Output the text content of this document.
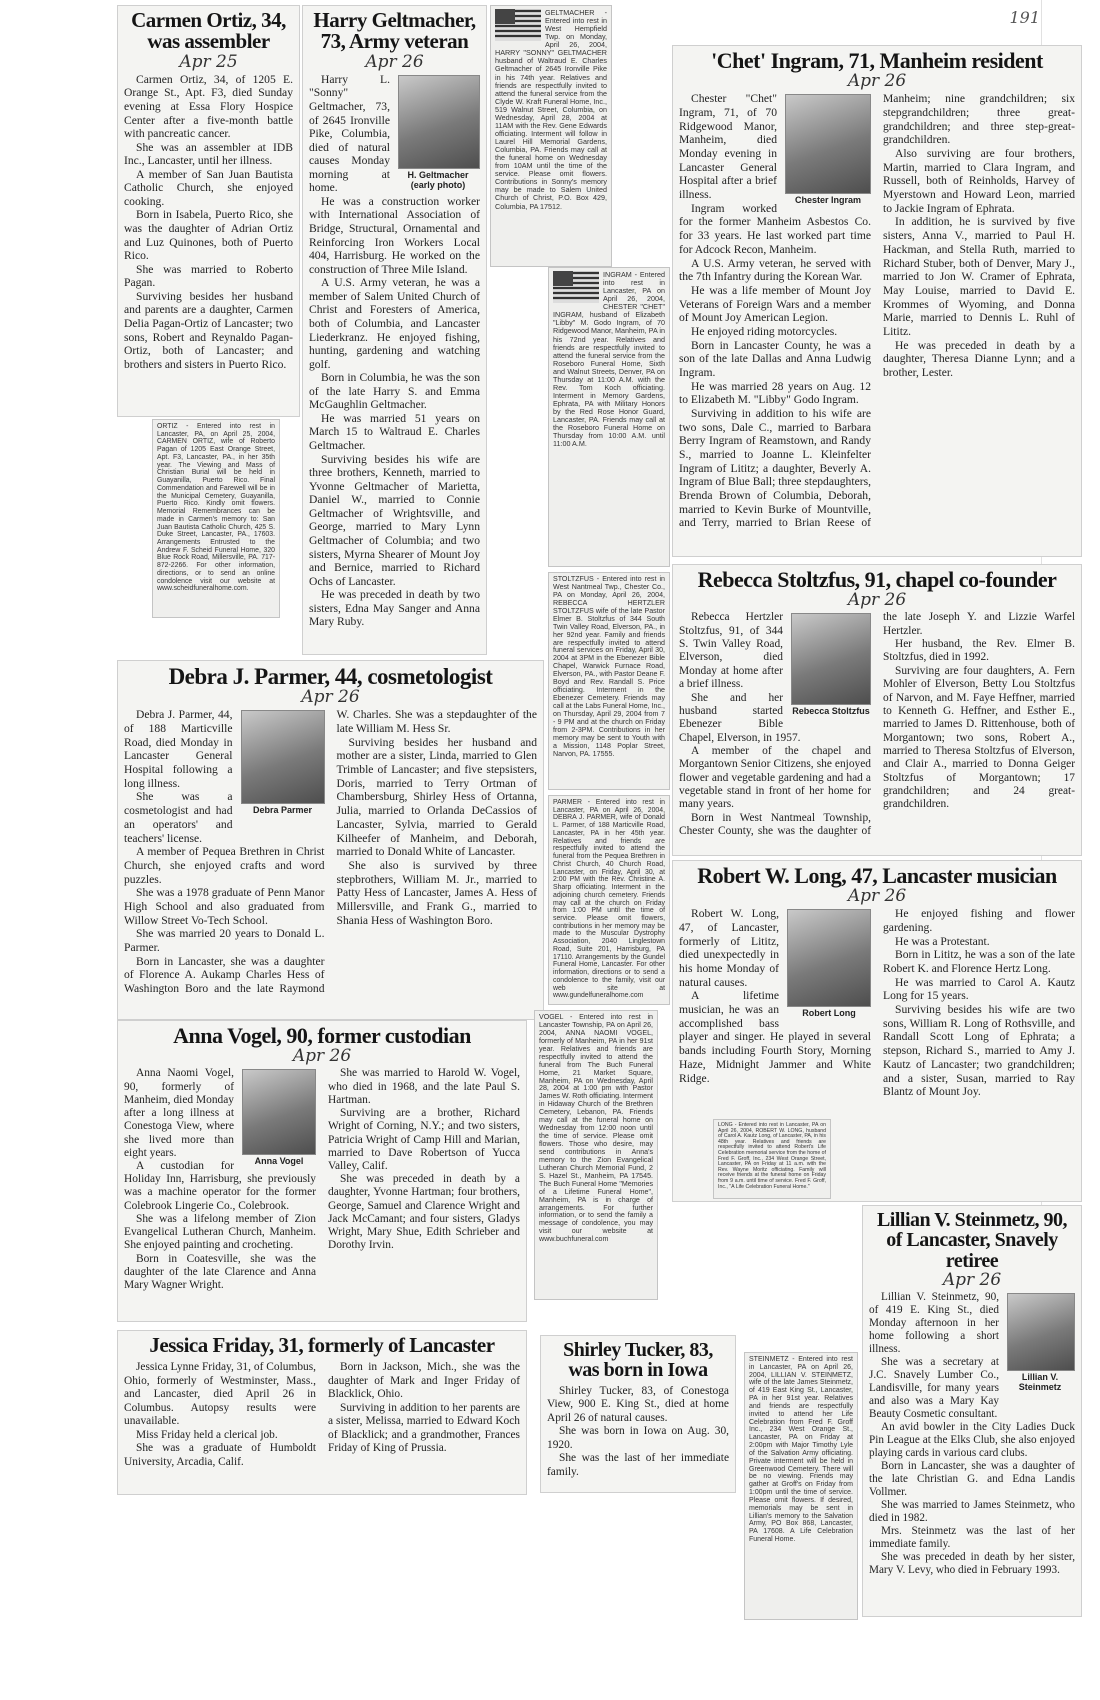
191
Carmen Ortiz, 34, was assembler
Apr 25

Carmen Ortiz, 34, of 1205 E. Orange St., Apt. F3, died Sunday evening at Essa Flory Hospice Center after a five-month battle with pancreatic cancer.

She was an assembler at IDB Inc., Lancaster, until her illness.

A member of San Juan Bautista Catholic Church, she enjoyed cooking.

Born in Isabela, Puerto Rico, she was the daughter of Adrian Ortiz and Luz Quinones, both of Puerto Rico.

She was married to Roberto Pagan.

Surviving besides her husband and parents are a daughter, Carmen Delia Pagan-Ortiz of Lancaster; two sons, Robert and Reynaldo Pagan-Ortiz, both of Lancaster; and brothers and sisters in Puerto Rico.

ORTIZ - Entered into rest in Lancaster, PA, on April 25, 2004, CARMEN ORTIZ, wife of Roberto Pagan of 1205 East Orange Street, Apt. F3, Lancaster, PA., in her 35th year. The Viewing and Mass of Christian Burial will be held in Guayanilla, Puerto Rico. Final Commendation and Farewell will be in the Municipal Cemetery, Guayanilla, Puerto Rico. Kindly omit flowers. Memorial Remembrances can be made in Carmen's memory to: San Juan Bautista Catholic Church, 425 S. Duke Street, Lancaster, PA., 17603. Arrangements Entrusted to the Andrew F. Scheid Funeral Home, 320 Blue Rock Road, Millersville, PA. 717-872-2266. For other information, directions, or to send an online condolence visit our website at www.scheidfuneralhome.com.

Harry Geltmacher, 73, Army veteran
Apr 26
H. Geltmacher (early photo)

Harry L. "Sonny" Geltmacher, 73, of 2645 Ironville Pike, Columbia, died of natural causes Monday morning at home.

He was a construction worker with International Association of Bridge, Structural, Ornamental and Reinforcing Iron Workers Local 404, Harrisburg. He worked on the construction of Three Mile Island.

A U.S. Army veteran, he was a member of Salem United Church of Christ and Foresters of America, both of Columbia, and Lancaster Liederkranz. He enjoyed fishing, hunting, gardening and watching golf.

Born in Columbia, he was the son of the late Harry S. and Emma McGaughlin Geltmacher.

He was married 51 years on March 15 to Waltraud E. Charles Geltmacher.

Surviving besides his wife are three brothers, Kenneth, married to Yvonne Geltmacher of Marietta, Daniel W., married to Connie Geltmacher of Wrightsville, and George, married to Mary Lynn Geltmacher of Columbia; and two sisters, Myrna Shearer of Mount Joy and Bernice, married to Richard Ochs of Lancaster.

He was preceded in death by two sisters, Edna May Sanger and Anna Mary Ruby.

GELTMACHER - Entered into rest in West Hempfield Twp. on Monday, April 26, 2004, HARRY "SONNY" GELTMACHER husband of Waltraud E. Charles Geltmacher of 2645 Ironville Pike in his 74th year. Relatives and friends are respectfully invited to attend the funeral service from the Clyde W. Kraft Funeral Home, Inc., 519 Walnut Street, Columbia, on Wednesday, April 28, 2004 at 11AM with the Rev. Gene Edwards officiating. Interment will follow in Laurel Hill Memorial Gardens, Columbia, PA. Friends may call at the funeral home on Wednesday from 10AM until the time of the service. Please omit flowers. Contributions in Sonny's memory may be made to Salem United Church of Christ, P.O. Box 429, Columbia, PA 17512.

INGRAM - Entered into rest in Lancaster, PA on April 26, 2004, CHESTER "CHET" INGRAM, husband of Elizabeth "Libby" M. Godo Ingram, of 70 Ridgewood Manor, Manheim, PA in his 72nd year. Relatives and friends are respectfully invited to attend the funeral service from the Roseboro Funeral Home, Sixth and Walnut Streets, Denver, PA on Thursday at 11:00 A.M. with the Rev. Tom Koch officiating. Interment in Memory Gardens, Ephrata, PA with Military Honors by the Red Rose Honor Guard, Lancaster, PA. Friends may call at the Roseboro Funeral Home on Thursday from 10:00 A.M. until 11:00 A.M.

'Chet' Ingram, 71, Manheim resident
Apr 26
Chester Ingram

Chester "Chet" Ingram, 71, of 70 Ridgewood Manor, Manheim, died Monday evening in Lancaster General Hospital after a brief illness.

Ingram worked for the former Manheim Asbestos Co. for 33 years. He last worked part time for Adcock Recon, Manheim.

A U.S. Army veteran, he served with the 7th Infantry during the Korean War.

He was a life member of Mount Joy Veterans of Foreign Wars and a member of Mount Joy American Legion.

He enjoyed riding motorcycles.

Born in Lancaster County, he was a son of the late Dallas and Anna Ludwig Ingram.

He was married 28 years on Aug. 12 to Elizabeth M. "Libby" Godo Ingram.

Surviving in addition to his wife are two sons, Dale C., married to Barbara Berry Ingram of Reamstown, and Randy S., married to Joanne L. Kleinfelter Ingram of Lititz; a daughter, Beverly A. Ingram of Blue Ball; three stepdaughters, Brenda Brown of Columbia, Deborah, married to Kevin Burke of Mountville, and Terry, married to Brian Reese of Manheim; nine grandchildren; six stepgrandchildren; three great-grandchildren; and three step-great-grandchildren.

Also surviving are four brothers, Martin, married to Clara Ingram, and Russell, both of Reinholds, Harvey of Myerstown and Howard Leon, married to Jackie Ingram of Ephrata.

In addition, he is survived by five sisters, Anna V., married to Paul H. Hackman, and Stella Ruth, married to Richard Stuber, both of Denver, Mary J., married to Jon W. Cramer of Ephrata, May Louise, married to David E. Krommes of Wyoming, and Donna Marie, married to Dennis L. Ruhl of Lititz.

He was preceded in death by a daughter, Theresa Dianne Lynn; and a brother, Lester.

STOLTZFUS - Entered into rest in West Nantmeal Twp., Chester Co., PA on Monday, April 26, 2004, REBECCA HERTZLER STOLTZFUS wife of the late Pastor Elmer B. Stoltzfus of 344 South Twin Valley Road, Elverson, PA., in her 92nd year. Family and friends are respectfully invited to attend funeral services on Friday, April 30, 2004 at 3PM in the Ebenezer Bible Chapel, Warwick Furnace Road, Elverson, PA., with Pastor Deane F. Boyd and Rev. Randall S. Price officiating. Interment in the Ebenezer Cemetery. Friends may call at the Labs Funeral Home, Inc., on Thursday, April 29, 2004 from 7 - 9 PM and at the church on Friday from 2-3PM. Contributions in her memory may be sent to Youth with a Mission, 1148 Poplar Street, Narvon, PA. 17555.

Rebecca Stoltzfus, 91, chapel co-founder
Apr 26
Rebecca Stoltzfus

Rebecca Hertzler Stoltzfus, 91, of 344 S. Twin Valley Road, Elverson, died Monday at home after a brief illness.

She and her husband started Ebenezer Bible Chapel, Elverson, in 1957.

A member of the chapel and Morgantown Senior Citizens, she enjoyed flower and vegetable gardening and had a vegetable stand in front of her home for many years.

Born in West Nantmeal Township, Chester County, she was the daughter of the late Joseph Y. and Lizzie Warfel Hertzler.

Her husband, the Rev. Elmer B. Stoltzfus, died in 1992.

Surviving are four daughters, A. Fern Mohler of Elverson, Betty Lou Stoltzfus of Narvon, and M. Faye Heffner, married to Kenneth G. Heffner, and Esther E., married to James D. Rittenhouse, both of Morgantown; two sons, Robert A., married to Theresa Stoltzfus of Elverson, and Clair A., married to Donna Geiger Stoltzfus of Morgantown; 17 grandchildren; and 24 great-grandchildren.

Debra J. Parmer, 44, cosmetologist
Apr 26
Debra Parmer

Debra J. Parmer, 44, of 188 Marticville Road, died Monday in Lancaster General Hospital following a long illness.

She was a cosmetologist and had an operators' and teachers' license.

A member of Pequea Brethren in Christ Church, she enjoyed crafts and word puzzles.

She was a 1978 graduate of Penn Manor High School and also graduated from Willow Street Vo-Tech School.

She was married 20 years to Donald L. Parmer.

Born in Lancaster, she was a daughter of Florence A. Aukamp Charles Hess of Washington Boro and the late Raymond W. Charles. She was a stepdaughter of the late William M. Hess Sr.

Surviving besides her husband and mother are a sister, Linda, married to Glen Trimble of Lancaster; and five stepsisters, Doris, married to Terry Ortman of Chambersburg, Shirley Hess of Ortanna, Julia, married to Orlanda DeCassios of Lancaster, Sylvia, married to Gerald Kilheefer of Manheim, and Deborah, married to Donald White of Lancaster.

She also is survived by three stepbrothers, William M. Jr., married to Patty Hess of Lancaster, James A. Hess of Millersville, and Frank G., married to Shania Hess of Washington Boro.

PARMER - Entered into rest in Lancaster, PA on April 26, 2004, DEBRA J. PARMER, wife of Donald L. Parmer, of 188 Marticville Road, Lancaster, PA in her 45th year. Relatives and friends are respectfully invited to attend the funeral from the Pequea Brethren in Christ Church, 40 Church Road, Lancaster, on Friday, April 30, at 2:00 PM with the Rev. Christine A. Sharp officiating. Interment in the adjoining church cemetery. Friends may call at the church on Friday from 1:00 PM until the time of service. Please omit flowers, contributions in her memory may be made to the Muscular Dystrophy Association, 2040 Linglestown Road, Suite 201, Harrisburg, PA 17110. Arrangements by the Gundel Funeral Home, Lancaster. For other information, directions or to send a condolence to the family, visit our web site at www.gundelfuneralhome.com

Robert W. Long, 47, Lancaster musician
Apr 26
Robert Long

Robert W. Long, 47, of Lancaster, formerly of Lititz, died unexpectedly in his home Monday of natural causes.

A lifetime musician, he was an accomplished bass player and singer. He played in several bands including Fourth Story, Morning Haze, Midnight Jammer and White Ridge.

He enjoyed fishing and flower gardening.

He was a Protestant.

Born in Lititz, he was a son of the late Robert K. and Florence Hertz Long.

He was married to Carol A. Kautz Long for 15 years.

Surviving besides his wife are two sons, William R. Long of Rothsville, and Randall Scott Long of Ephrata; a stepson, Richard S., married to Amy J. Kautz of Lancaster; two grandchildren; and a sister, Susan, married to Ray Blantz of Mount Joy.

LONG - Entered into rest in Lancaster, PA on April 26, 2004, ROBERT W. LONG, husband of Carol A. Kautz Long, of Lancaster, PA, in his 48th year. Relatives and friends are respectfully invited to attend Robert's Life Celebration memorial service from the home of Fred F. Groff, Inc., 234 West Orange Street, Lancaster, PA on Friday at 11 a.m. with the Rev. Wayne Moritz officiating. Family will receive friends at the funeral home on Friday from 9 a.m. until time of service. Fred F. Groff, Inc., "A Life Celebration Funeral Home."

Anna Vogel, 90, former custodian
Apr 26
Anna Vogel

Anna Naomi Vogel, 90, formerly of Manheim, died Monday after a long illness at Conestoga View, where she lived more than eight years.

A custodian for Holiday Inn, Harrisburg, she previously was a machine operator for the former Colebrook Lingerie Co., Colebrook.

She was a lifelong member of Zion Evangelical Lutheran Church, Manheim. She enjoyed painting and crocheting.

Born in Coatesville, she was the daughter of the late Clarence and Anna Mary Wagner Wright.

She was married to Harold W. Vogel, who died in 1968, and the late Paul S. Hartman.

Surviving are a brother, Richard Wright of Corning, N.Y.; and two sisters, Patricia Wright of Camp Hill and Marian, married to Dave Robertson of Yucca Valley, Calif.

She was preceded in death by a daughter, Yvonne Hartman; four brothers, George, Samuel and Clarence Wright and Jack McCamant; and four sisters, Gladys Wright, Mary Shue, Edith Schrieber and Dorothy Irvin.

VOGEL - Entered into rest in Lancaster Township, PA on April 26, 2004, ANNA NAOMI VOGEL, formerly of Manheim, PA in her 91st year. Relatives and friends are respectfully invited to attend the funeral from The Buch Funeral Home, 21 Market Square, Manheim, PA on Wednesday, April 28, 2004 at 1:00 pm with Pastor James W. Roth officiating. Interment in Hidaway Church of the Brethren Cemetery, Lebanon, PA. Friends may call at the funeral home on Wednesday from 12:00 noon until the time of service. Please omit flowers. Those who desire, may send contributions in Anna's memory to the Zion Evangelical Lutheran Church Memorial Fund, 2 S. Hazel St., Manheim, PA 17545. The Buch Funeral Home "Memories of a Lifetime Funeral Home", Manheim, PA is in charge of arrangements. For further information, or to send the family a message of condolence, you may visit our website at www.buchfuneral.com

Lillian V. Steinmetz, 90, of Lancaster, Snavely retiree
Apr 26
Lillian V. Steinmetz

Lillian V. Steinmetz, 90, of 419 E. King St., died Monday afternoon in her home following a short illness.

She was a secretary at J.C. Snavely Lumber Co., Landisville, for many years and also was a Mary Kay Beauty Cosmetic consultant.

An avid bowler in the City Ladies Duck Pin League at the Elks Club, she also enjoyed playing cards in various card clubs.

Born in Lancaster, she was a daughter of the late Christian G. and Edna Landis Vollmer.

She was married to James Steinmetz, who died in 1982.

Mrs. Steinmetz was the last of her immediate family.

She was preceded in death by her sister, Mary V. Levy, who died in February 1993.

STEINMETZ - Entered into rest in Lancaster, PA on April 26, 2004, LILLIAN V. STEINMETZ, wife of the late James Steinmetz, of 419 East King St., Lancaster, PA in her 91st year. Relatives and friends are respectfully invited to attend her Life Celebration from Fred F. Groff Inc., 234 West Orange St., Lancaster, PA on Friday at 2:00pm with Major Timothy Lyle of the Salvation Army officiating. Private interment will be held in Greenwood Cemetery. There will be no viewing. Friends may gather at Groff's on Friday from 1:00pm until the time of service. Please omit flowers. If desired, memorials may be sent in Lillian's memory to the Salvation Army, PO Box 868, Lancaster, PA 17608. A Life Celebration Funeral Home.

Jessica Friday, 31, formerly of Lancaster

Jessica Lynne Friday, 31, of Columbus, Ohio, formerly of Westminster, Mass., and Lancaster, died April 26 in Columbus. Autopsy results were unavailable.

Miss Friday held a clerical job.

She was a graduate of Humboldt University, Arcadia, Calif.

Born in Jackson, Mich., she was the daughter of Mark and Inger Friday of Blacklick, Ohio.

Surviving in addition to her parents are a sister, Melissa, married to Edward Koch of Blacklick; and a grandmother, Frances Friday of King of Prussia.

Shirley Tucker, 83, was born in Iowa

Shirley Tucker, 83, of Conestoga View, 900 E. King St., died at home April 26 of natural causes.

She was born in Iowa on Aug. 30, 1920.

She was the last of her immediate family.
